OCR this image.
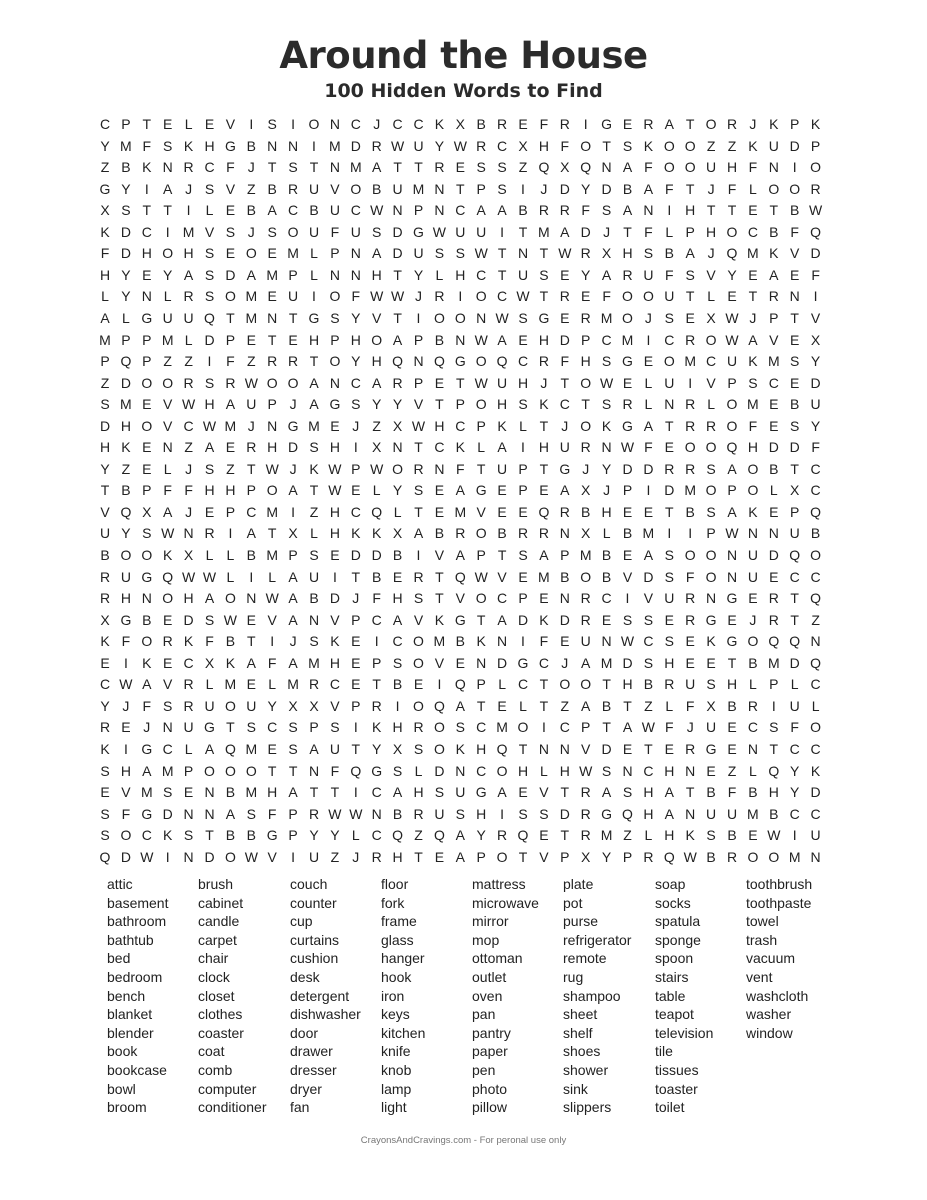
Around the House
100 Hidden Words to Find
C P T E L E V	I	S	I O N C J C C K X B R E F R I G E R A T O R J K P K
Y M F S K H G B N N I M D R W U Y W R C X H F O T S K O O Z Z K U D P
Z B K N R C F J T S T N M A T T R E S S Z Q X Q N A F O O U H F N I O
G Y	I	A J S V Z B R U V O B U M N T P S	I	J D Y D B A F T J F L O O R
X S T T	I	L E B A C B U C W N P N C A A B R R F S A N I H T T E T B W
K D C I M V S J S O U F U S D G W U U I	T M A D J T F L P H O C B F Q
F D H O H S E O E M L P N A D U S S W T N T W R X H S B A J Q M K V D
H Y E Y A S D A M P L N N H T Y L H C T U S E Y A R U F S V Y E A E F
L Y N L R S O M E U I O F W W J R I O C W T R E F O O U T L E T R N I
A L G U U Q T M N T G S Y V T	I O O N W S G E R M O J S E X W J P T V
M P P M L D P E T E H P H O A P B N W A E H D P C M I C R O W A V E X
P Q P Z Z	I	F Z R R T O Y H Q N Q G O Q C R F H S G E O M C U K M S Y
Z D O O R S R W O O A N C A R P E T W U H J T O W E L U I	V P S C E D
S M E V W H A U P J A G S Y Y V T P O H S K C T S R L N R L O M E B U
D H O V C W M J N G M E J Z X W H C P K L T J O K G A T R R O F E S Y
H K E N Z A E R H D S H I	X N T C K L A	I H U R N W F E O O Q H D D F
Y Z E L J S Z T W J K W P W O R N F T U P T G J Y D D R R S A O B T C
T B P F F H H P O A T W E L Y S E A G E P E A X J P	I D M O P O L X C
V Q X A J E P C M I	Z H C Q L T E M V E E Q R B H E E T B S A K E P Q
U Y S W N R I	A T X L H K K X A B R O B R R N X L B M I	I	P W N N U B
B O O K X L L B M P S E D D B	I	V A P T S A P M B E A S O O N U D Q O
R U G Q W W L	I	L A U I	T B E R T Q W V E M B O B V D S F O N U E C C
R H N O H A O N W A B D J F H S T V O C P E N R C I	V U R N G E R T Q
X G B E D S W E V A N V P C A V K G T A D K D R E S S E R G E J R T Z
K F O R K F B T	I	J S K E	I C O M B K N I	F E U N W C S E K G O Q Q N
E	I	K E C X K A F A M H E P S O V E N D G C J A M D S H E E T B M D Q
C W A V R L M E L M R C E T B E	I Q P L C T O O T H B R U S H L P L C
Y J F S R U O U Y X X V P R I O Q A T E L T Z A B T Z L F X B R I U L
R E J N U G T S C S P S	I	K H R O S C M O I C P T A W F J U E C S F O
K	I G C L A Q M E S A U T Y X S O K H Q T N N V D E T E R G E N T C C
S H A M P O O O T T N F Q G S L D N C O H L H W S N C H N E Z L Q Y K
E V M S E N B M H A T T	I C A H S U G A E V T R A S H A T B F B H Y D
S F G D N N A S F P R W W N B R U S H I	S S D R G Q H A N U U M B C C
S O C K S T B B G P Y Y L C Q Z Q A Y R Q E T R M Z L H K S B E W I U
Q D W I N D O W V	I U Z J R H T E A P O T V P X Y P R Q W B R O O M N
attic
basement
bathroom
bathtub
bed
bedroom
bench
blanket
blender
book
bookcase
bowl
broom
brush
cabinet
candle
carpet
chair
clock
closet
clothes
coaster
coat
comb
computer
conditioner
couch
counter
cup
curtains
cushion
desk
detergent
dishwasher
door
drawer
dresser
dryer
fan
floor
fork
frame
glass
hanger
hook
iron
keys
kitchen
knife
knob
lamp
light
mattress
microwave
mirror
mop
ottoman
outlet
oven
pan
pantry
paper
pen
photo
pillow
plate
pot
purse
refrigerator
remote
rug
shampoo
sheet
shelf
shoes
shower
sink
slippers
soap
socks
spatula
sponge
spoon
stairs
table
teapot
television
tile
tissues
toaster
toilet
toothbrush
toothpaste
towel
trash
vacuum
vent
washcloth
washer
window
CrayonsAndCravings.com - For peronal use only
